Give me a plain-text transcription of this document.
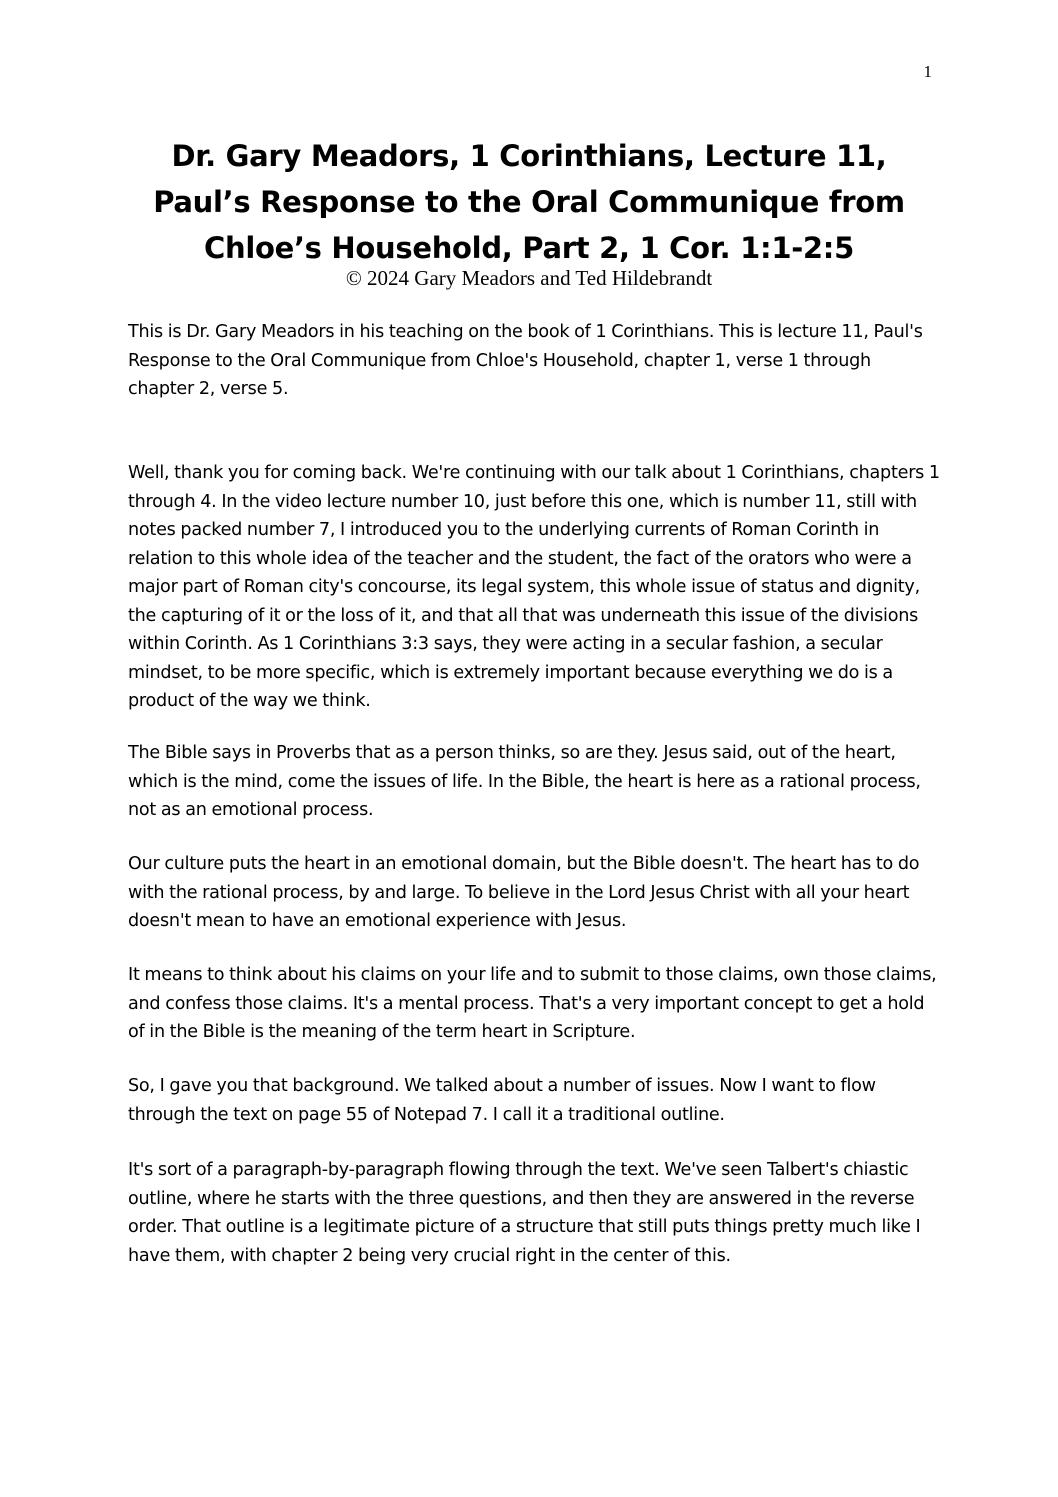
1
Dr. Gary Meadors, 1 Corinthians, Lecture 11,
Paul’s Response to the Oral Communique from
Chloe’s Household, Part 2, 1 Cor. 1:1-2:5
© 2024 Gary Meadors and Ted Hildebrandt

This is Dr. Gary Meadors in his teaching on the book of 1 Corinthians. This is lecture 11, Paul's Response to the Oral Communique from Chloe's Household, chapter 1, verse 1 through chapter 2, verse 5.

Well, thank you for coming back. We're continuing with our talk about 1 Corinthians, chapters 1 through 4. In the video lecture number 10, just before this one, which is number 11, still with notes packed number 7, I introduced you to the underlying currents of Roman Corinth in relation to this whole idea of the teacher and the student, the fact of the orators who were a major part of Roman city's concourse, its legal system, this whole issue of status and dignity, the capturing of it or the loss of it, and that all that was underneath this issue of the divisions within Corinth. As 1 Corinthians 3:3 says, they were acting in a secular fashion, a secular mindset, to be more specific, which is extremely important because everything we do is a product of the way we think.

The Bible says in Proverbs that as a person thinks, so are they. Jesus said, out of the heart, which is the mind, come the issues of life. In the Bible, the heart is here as a rational process, not as an emotional process.

Our culture puts the heart in an emotional domain, but the Bible doesn't. The heart has to do with the rational process, by and large. To believe in the Lord Jesus Christ with all your heart doesn't mean to have an emotional experience with Jesus.

It means to think about his claims on your life and to submit to those claims, own those claims, and confess those claims. It's a mental process. That's a very important concept to get a hold of in the Bible is the meaning of the term heart in Scripture.

So, I gave you that background. We talked about a number of issues. Now I want to flow through the text on page 55 of Notepad 7. I call it a traditional outline.

It's sort of a paragraph-by-paragraph flowing through the text. We've seen Talbert's chiastic outline, where he starts with the three questions, and then they are answered in the reverse order. That outline is a legitimate picture of a structure that still puts things pretty much like I have them, with chapter 2 being very crucial right in the center of this.
